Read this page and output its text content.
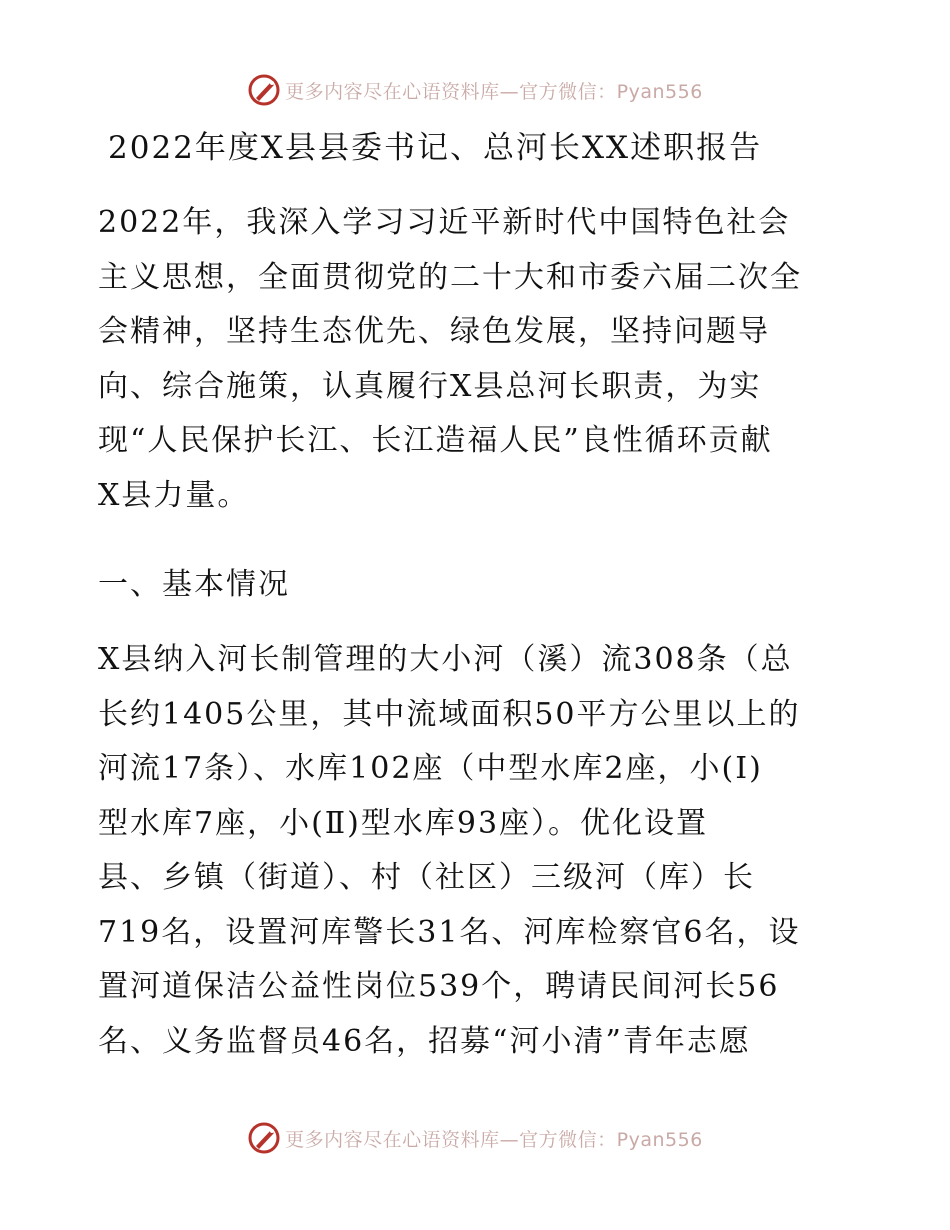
更多内容尽在心语资料库—官方微信：Pyan556
2022年度X县县委书记、总河长XX述职报告
2022年，我深入学习习近平新时代中国特色社会
主义思想，全面贯彻党的二十大和市委六届二次全
会精神，坚持生态优先、绿色发展，坚持问题导
向、综合施策，认真履行X县总河长职责，为实
现“人民保护长江、长江造福人民”良性循环贡献
X县力量。
一、基本情况
X县纳入河长制管理的大小河（溪）流308条（总
长约1405公里，其中流域面积50平方公里以上的
河流17条）、水库102座（中型水库2座，小(Ⅰ)
型水库7座，小(Ⅱ)型水库93座）。优化设置
县、乡镇（街道）、村（社区）三级河（库）长
719名，设置河库警长31名、河库检察官6名，设
置河道保洁公益性岗位539个，聘请民间河长56
名、义务监督员46名，招募“河小清”青年志愿
更多内容尽在心语资料库—官方微信：Pyan556
